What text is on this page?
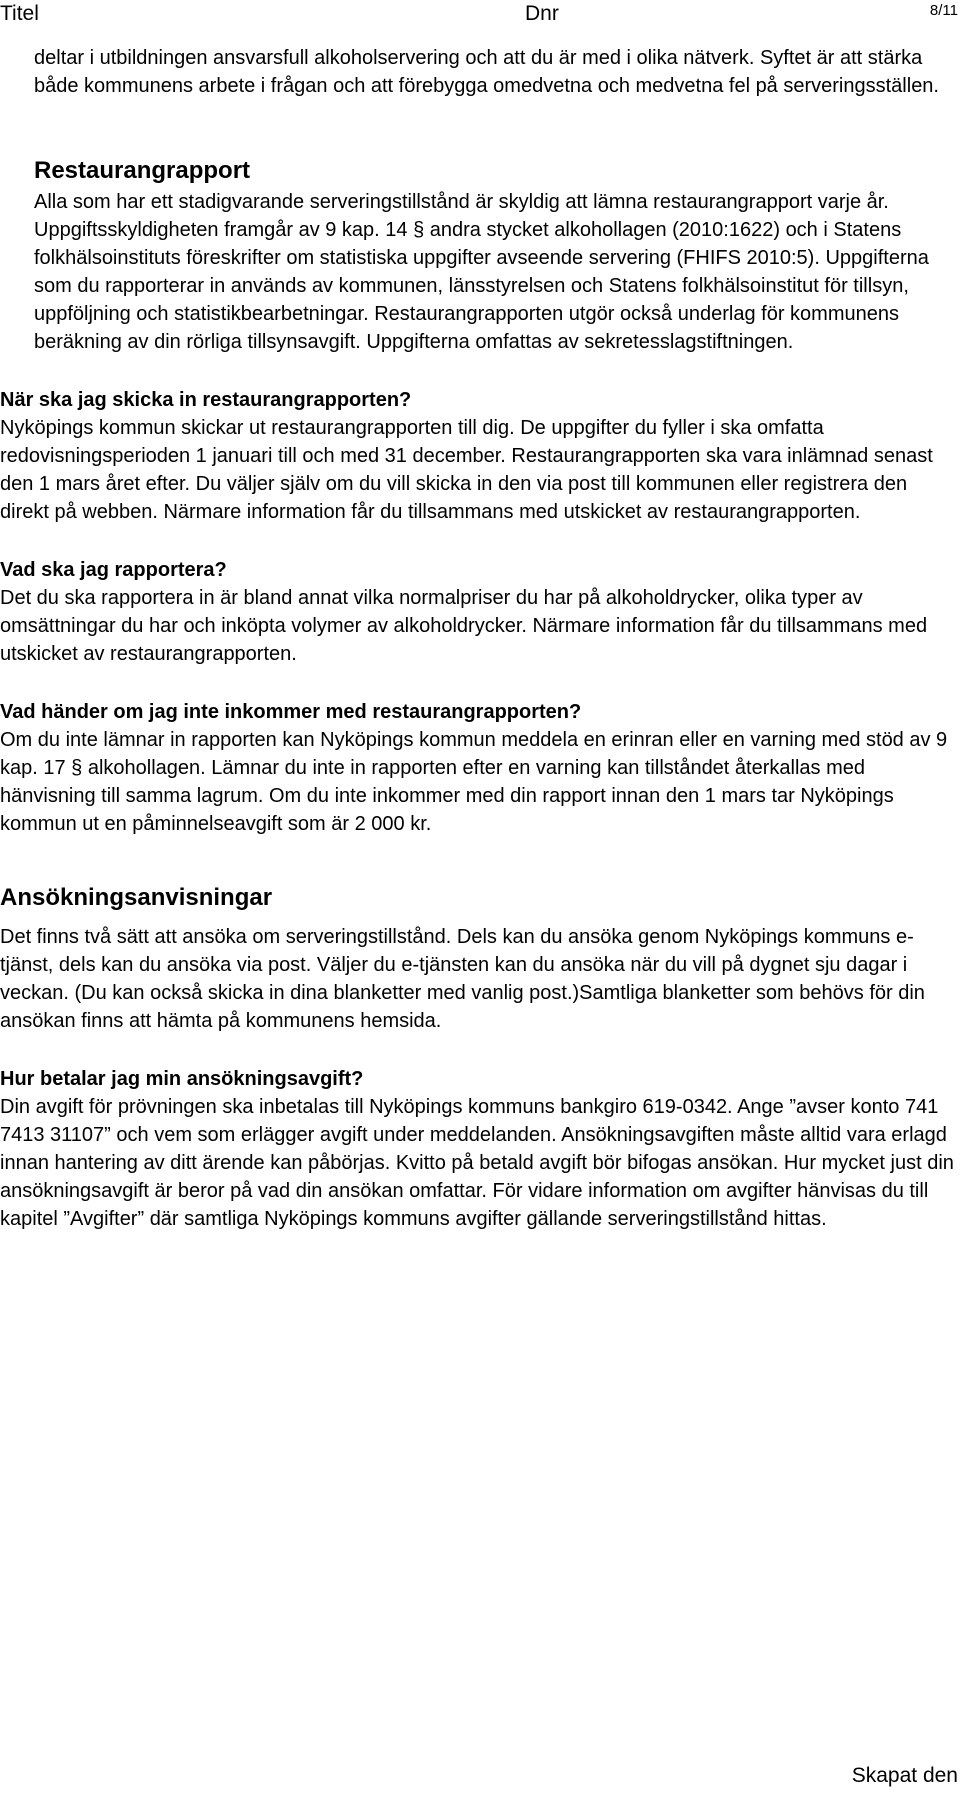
Titel	Dnr	8/11

deltar i utbildningen ansvarsfull alkoholservering och att du är med i olika nätverk. Syftet är att stärka både kommunens arbete i frågan och att förebygga omedvetna och medvetna fel på serveringsställen.

Restaurangrapport

Alla som har ett stadigvarande serveringstillstånd är skyldig att lämna restaurangrapport varje år. Uppgiftsskyldigheten framgår av 9 kap. 14 § andra stycket alkohollagen (2010:1622) och i Statens folkhälsoinstituts föreskrifter om statistiska uppgifter avseende servering (FHIFS 2010:5). Uppgifterna som du rapporterar in används av kommunen, länsstyrelsen och Statens folkhälsoinstitut för tillsyn, uppföljning och statistikbearbetningar. Restaurangrapporten utgör också underlag för kommunens beräkning av din rörliga tillsynsavgift. Uppgifterna omfattas av sekretesslagstiftningen.

När ska jag skicka in restaurangrapporten?

Nyköpings kommun skickar ut restaurangrapporten till dig. De uppgifter du fyller i ska omfatta redovisningsperioden 1 januari till och med 31 december. Restaurangrapporten ska vara inlämnad senast den 1 mars året efter. Du väljer själv om du vill skicka in den via post till kommunen eller registrera den direkt på webben. Närmare information får du tillsammans med utskicket av restaurangrapporten.

Vad ska jag rapportera?

Det du ska rapportera in är bland annat vilka normalpriser du har på alkoholdrycker, olika typer av omsättningar du har och inköpta volymer av alkoholdrycker. Närmare information får du tillsammans med utskicket av restaurangrapporten.

Vad händer om jag inte inkommer med restaurangrapporten?

Om du inte lämnar in rapporten kan Nyköpings kommun meddela en erinran eller en varning med stöd av 9 kap. 17 § alkohollagen. Lämnar du inte in rapporten efter en varning kan tillståndet återkallas med hänvisning till samma lagrum. Om du inte inkommer med din rapport innan den 1 mars tar Nyköpings kommun ut en påminnelseavgift som är 2 000 kr.

Ansökningsanvisningar

Det finns två sätt att ansöka om serveringstillstånd. Dels kan du ansöka genom Nyköpings kommuns e-tjänst, dels kan du ansöka via post. Väljer du e-tjänsten kan du ansöka när du vill på dygnet sju dagar i veckan. (Du kan också skicka in dina blanketter med vanlig post.)Samtliga blanketter som behövs för din ansökan finns att hämta på kommunens hemsida.

Hur betalar jag min ansökningsavgift?

Din avgift för prövningen ska inbetalas till Nyköpings kommuns bankgiro 619-0342. Ange ”avser konto 741 7413 31107” och vem som erlägger avgift under meddelanden. Ansökningsavgiften måste alltid vara erlagd innan hantering av ditt ärende kan påbörjas. Kvitto på betald avgift bör bifogas ansökan. Hur mycket just din ansökningsavgift är beror på vad din ansökan omfattar. För vidare information om avgifter hänvisas du till kapitel ”Avgifter” där samtliga Nyköpings kommuns avgifter gällande serveringstillstånd hittas.

Skapat den
